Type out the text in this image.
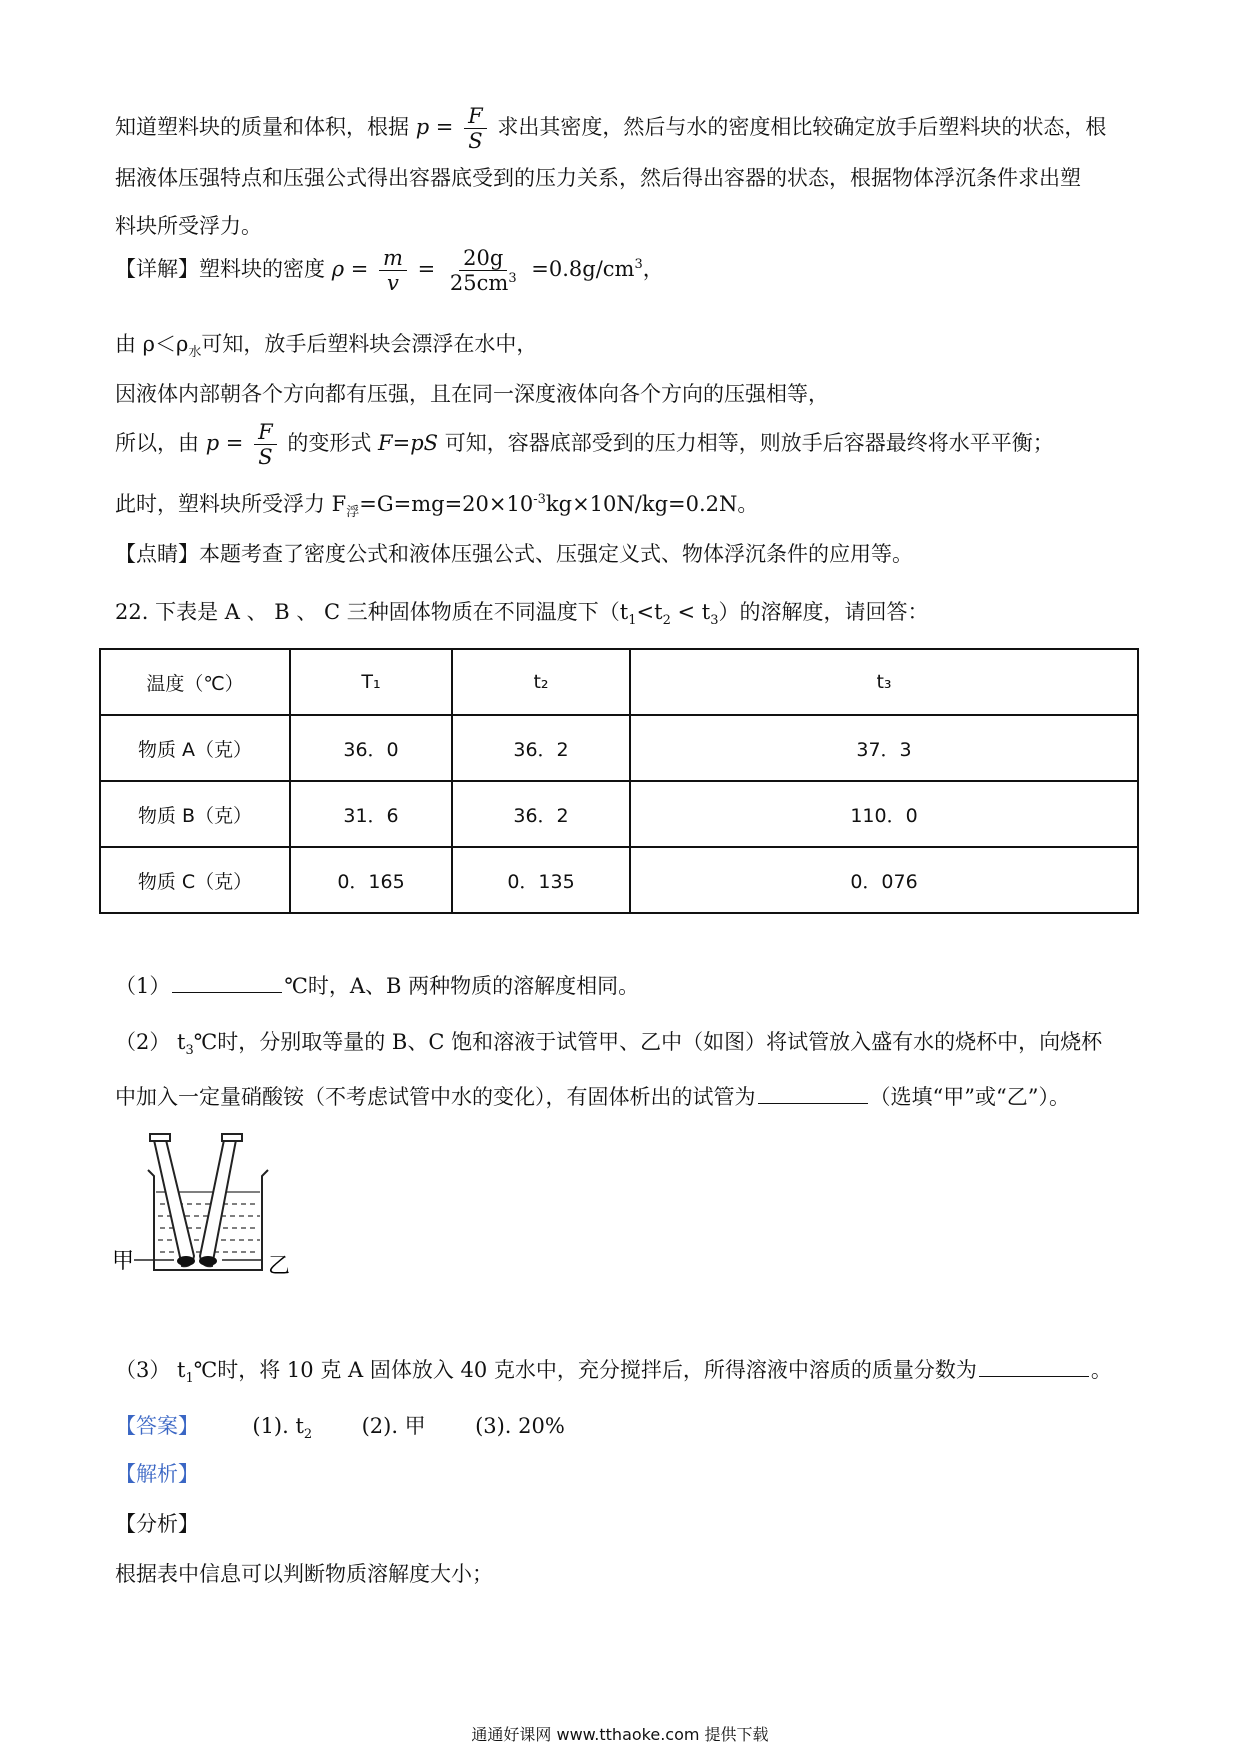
知道塑料块的质量和体积，根据 $p = \frac{F}{S}$ 求出其密度，然后与水的密度相比较确定放手后塑料块的状态，根
据液体压强特点和压强公式得出容器底受到的压力关系，然后得出容器的状态，根据物体浮沉条件求出塑
料块所受浮力。
【详解】塑料块的密度 $\rho = \frac{m}{v} = \frac{20g}{25cm^3} =0.8g/cm^3$，
由 $\rho<\rho_水$可知，放手后塑料块会漂浮在水中，
因液体内部朝各个方向都有压强，且在同一深度液体向各个方向的压强相等，
所以，由 $p = \frac{F}{S}$ 的变形式 F=pS 可知，容器底部受到的压力相等，则放手后容器最终将水平平衡；
此时，塑料块所受浮力 $F_浮=G=mg=20\times 10^{-3}kg\times 10N/kg=0.2N$。
【点睛】本题考查了密度公式和液体压强公式、压强定义式、物体浮沉条件的应用等。
22. 下表是 A 、 B 、 C 三种固体物质在不同温度下$(t_1<t_2 < t_3)$的溶解度，请回答：
温度（℃）	T₁	t₂	t₃
物质 A（克）	36．0	36．2	37．3
物质 B（克）	31．6	36．2	110．0
物质 C（克）	0．165	0．135	0．076
（1）	℃时，A、B 两种物质的溶解度相同。
（2） $t_3℃$时，分别取等量的 B、C 饱和溶液于试管甲、乙中（如图）将试管放入盛有水的烧杯中，向烧杯
中加入一定量硝酸铵（不考虑试管中水的变化），有固体析出的试管为	（选填“甲”或“乙”）。
甲	乙
（3） $t_1℃$时，将 10 克 A 固体放入 40 克水中，充分搅拌后，所得溶液中溶质的质量分数为	。
【答案】	(1). $t_2$ (2). 甲 (3). 20%
【解析】
【分析】
根据表中信息可以判断物质溶解度大小；
通通好课网 www.tthaoke.com 提供下载
